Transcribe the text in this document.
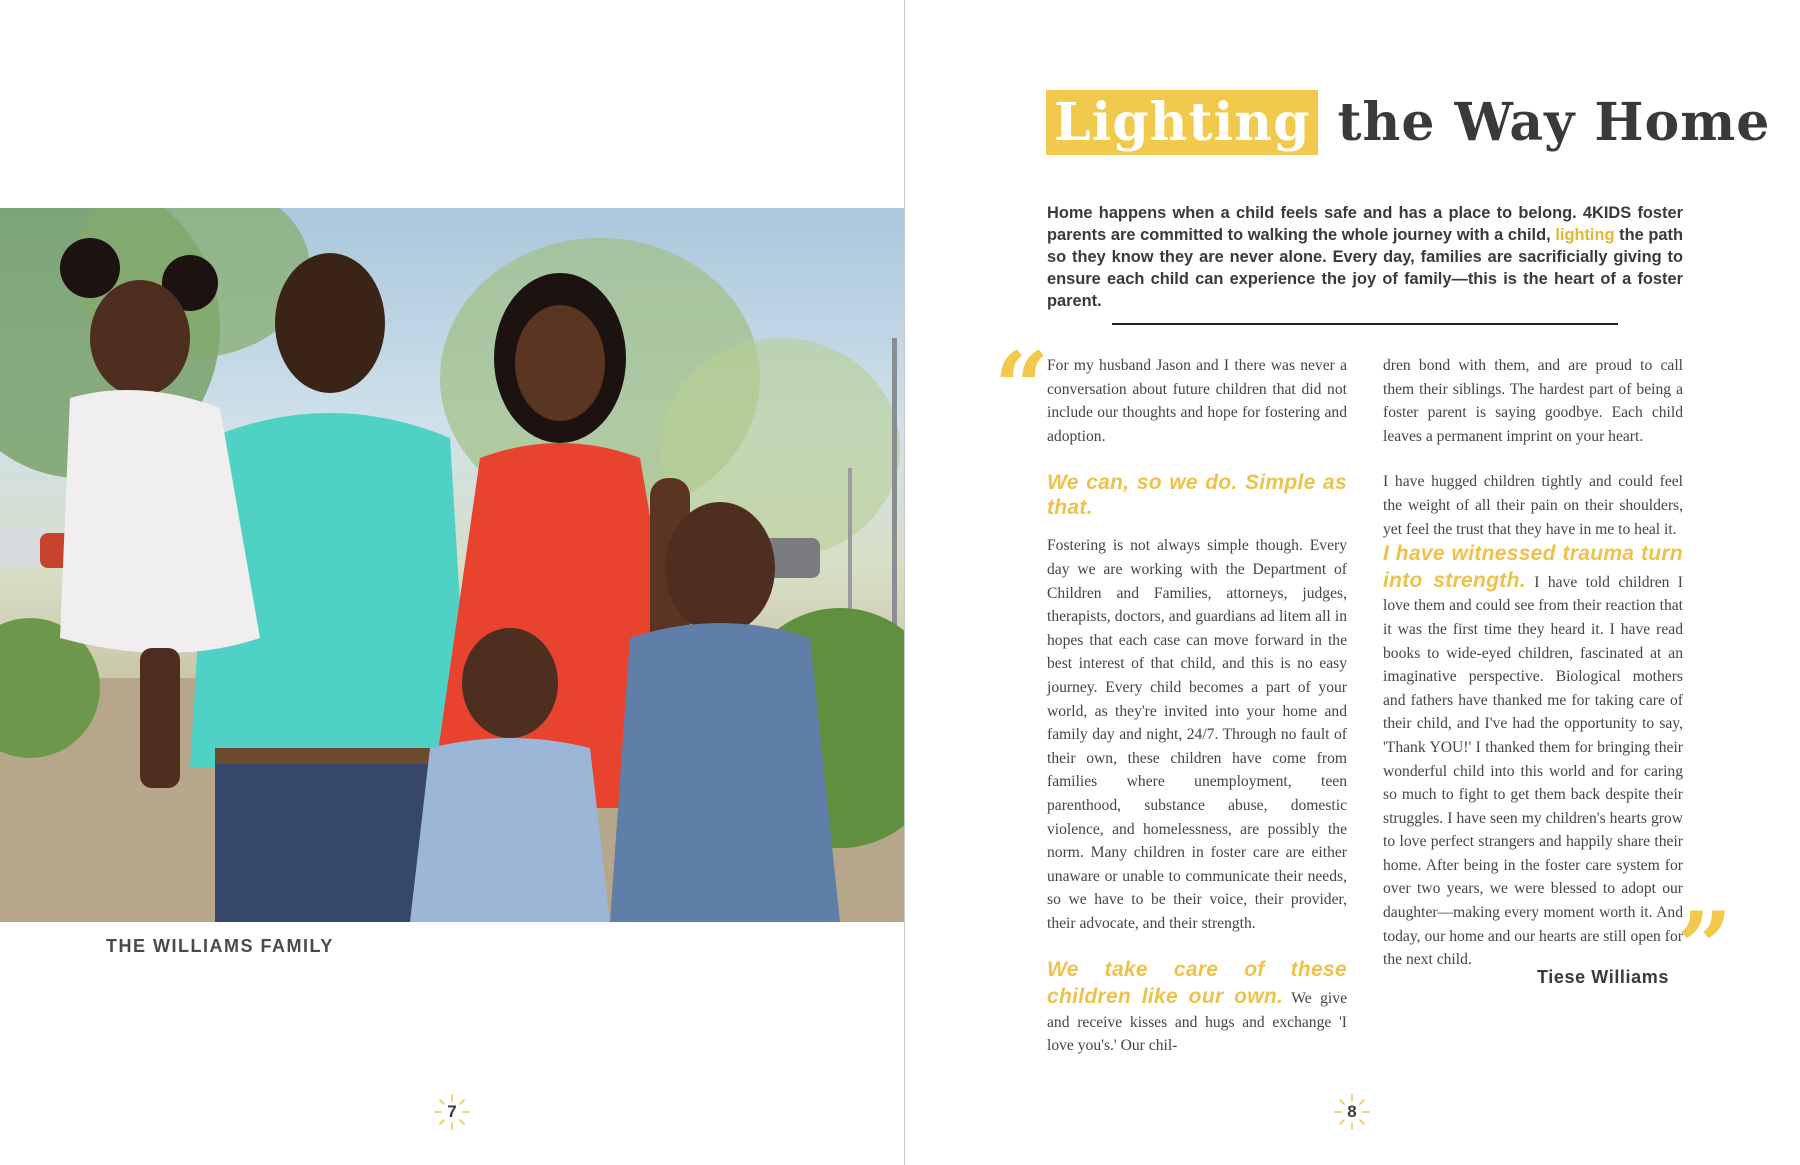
THE WILLIAMS FAMILY
7
Lighting the Way Home
Home happens when a child feels safe and has a place to belong. 4KIDS foster parents are committed to walking the whole journey with a child, lighting the path so they know they are never alone. Every day, families are sacrificially giving to ensure each child can experience the joy of family—this is the heart of a foster parent.
“

For my husband Jason and I there was never a conversation about future children that did not include our thoughts and hope for fostering and adoption.

We can, so we do. Simple as that.

Fostering is not always simple though. Every day we are working with the Department of Children and Families, attorneys, judges, therapists, doctors, and guardians ad litem all in hopes that each case can move forward in the best interest of that child, and this is no easy journey. Every child becomes a part of your world, as they're invited into your home and family day and night, 24/7. Through no fault of their own, these children have come from families where unemployment, teen parenthood, substance abuse, domestic violence, and homelessness, are possibly the norm. Many children in foster care are either unaware or unable to communicate their needs, so we have to be their voice, their provider, their advocate, and their strength.

We take care of these children like our own. We give and receive kisses and hugs and exchange 'I love you's.' Our chil-

dren bond with them, and are proud to call them their siblings. The hardest part of being a foster parent is saying goodbye. Each child leaves a permanent imprint on your heart.

I have hugged children tightly and could feel the weight of all their pain on their shoulders, yet feel the trust that they have in me to heal it.

I have witnessed trauma turn into strength. I have told children I love them and could see from their reaction that it was the first time they heard it. I have read books to wide-eyed children, fascinated at an imaginative perspective. Biological mothers and fathers have thanked me for taking care of their child, and I've had the opportunity to say, 'Thank YOU!' I thanked them for bringing their wonderful child into this world and for caring so much to fight to get them back despite their struggles. I have seen my children's hearts grow to love perfect strangers and happily share their home. After being in the foster care system for over two years, we were blessed to adopt our daughter—making every moment worth it. And today, our home and our hearts are still open for the next child.	”
Tiese Williams
8
